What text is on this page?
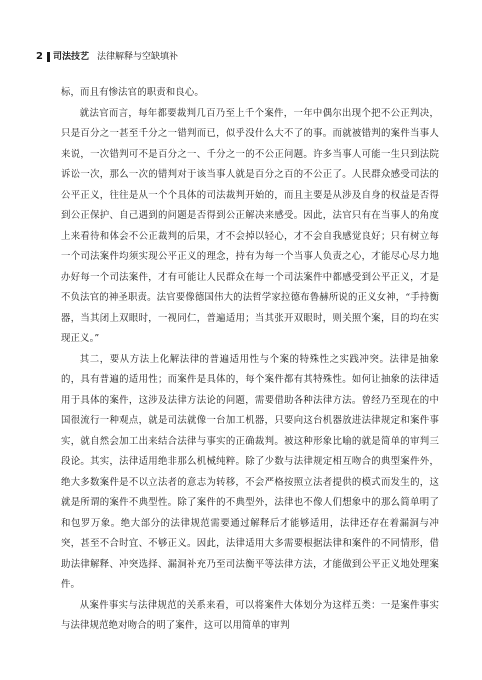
2 司法技艺 法律解释与空缺填补

标，而且有惨法官的职责和良心。

就法官而言，每年都要裁判几百乃至上千个案件，一年中偶尔出现个把不公正判决，只是百分之一甚至千分之一错判而已，似乎没什么大不了的事。而就被错判的案件当事人来说，一次错判可不是百分之一、千分之一的不公正问题。许多当事人可能一生只到法院诉讼一次，那么一次的错判对于该当事人就是百分之百的不公正了。人民群众感受司法的公平正义，往往是从一个个具体的司法裁判开始的，而且主要是从涉及自身的权益是否得到公正保护、自己遇到的问题是否得到公正解决来感受。因此，法官只有在当事人的角度上来看待和体会不公正裁判的后果，才不会掉以轻心，才不会自我感觉良好；只有树立每一个司法案件均须实现公平正义的理念，持有为每一个当事人负责之心，才能尽心尽力地办好每一个司法案件，才有可能让人民群众在每一个司法案件中都感受到公平正义，才是不负法官的神圣职责。法官要像德国伟大的法哲学家拉德布鲁赫所说的正义女神，“手持衡器，当其闭上双眼时，一视同仁，普遍适用；当其张开双眼时，则关照个案，目的均在实现正义。”

其二，要从方法上化解法律的普遍适用性与个案的特殊性之实践冲突。法律是抽象的，具有普遍的适用性；而案件是具体的，每个案件都有其特殊性。如何让抽象的法律适用于具体的案件，这涉及法律方法论的问题，需要借助各种法律方法。曾经乃至现在的中国很流行一种观点，就是司法就像一台加工机器，只要向这台机器放进法律规定和案件事实，就自然会加工出来结合法律与事实的正确裁判。被这种形象比喻的就是简单的审判三段论。其实，法律适用绝非那么机械纯粹。除了少数与法律规定相互吻合的典型案件外，绝大多数案件是不以立法者的意志为转移，不会严格按照立法者提供的模式而发生的，这就是所谓的案件不典型性。除了案件的不典型外，法律也不像人们想象中的那么简单明了和包罗万象。绝大部分的法律规范需要通过解释后才能够适用，法律还存在着漏洞与冲突，甚至不合时宜、不够正义。因此，法律适用大多需要根据法律和案件的不同情形，借助法律解释、冲突选择、漏洞补充乃至司法衡平等法律方法，才能做到公平正义地处理案件。

从案件事实与法律规范的关系来看，可以将案件大体划分为这样五类：一是案件事实与法律规范绝对吻合的明了案件，这可以用简单的审判
